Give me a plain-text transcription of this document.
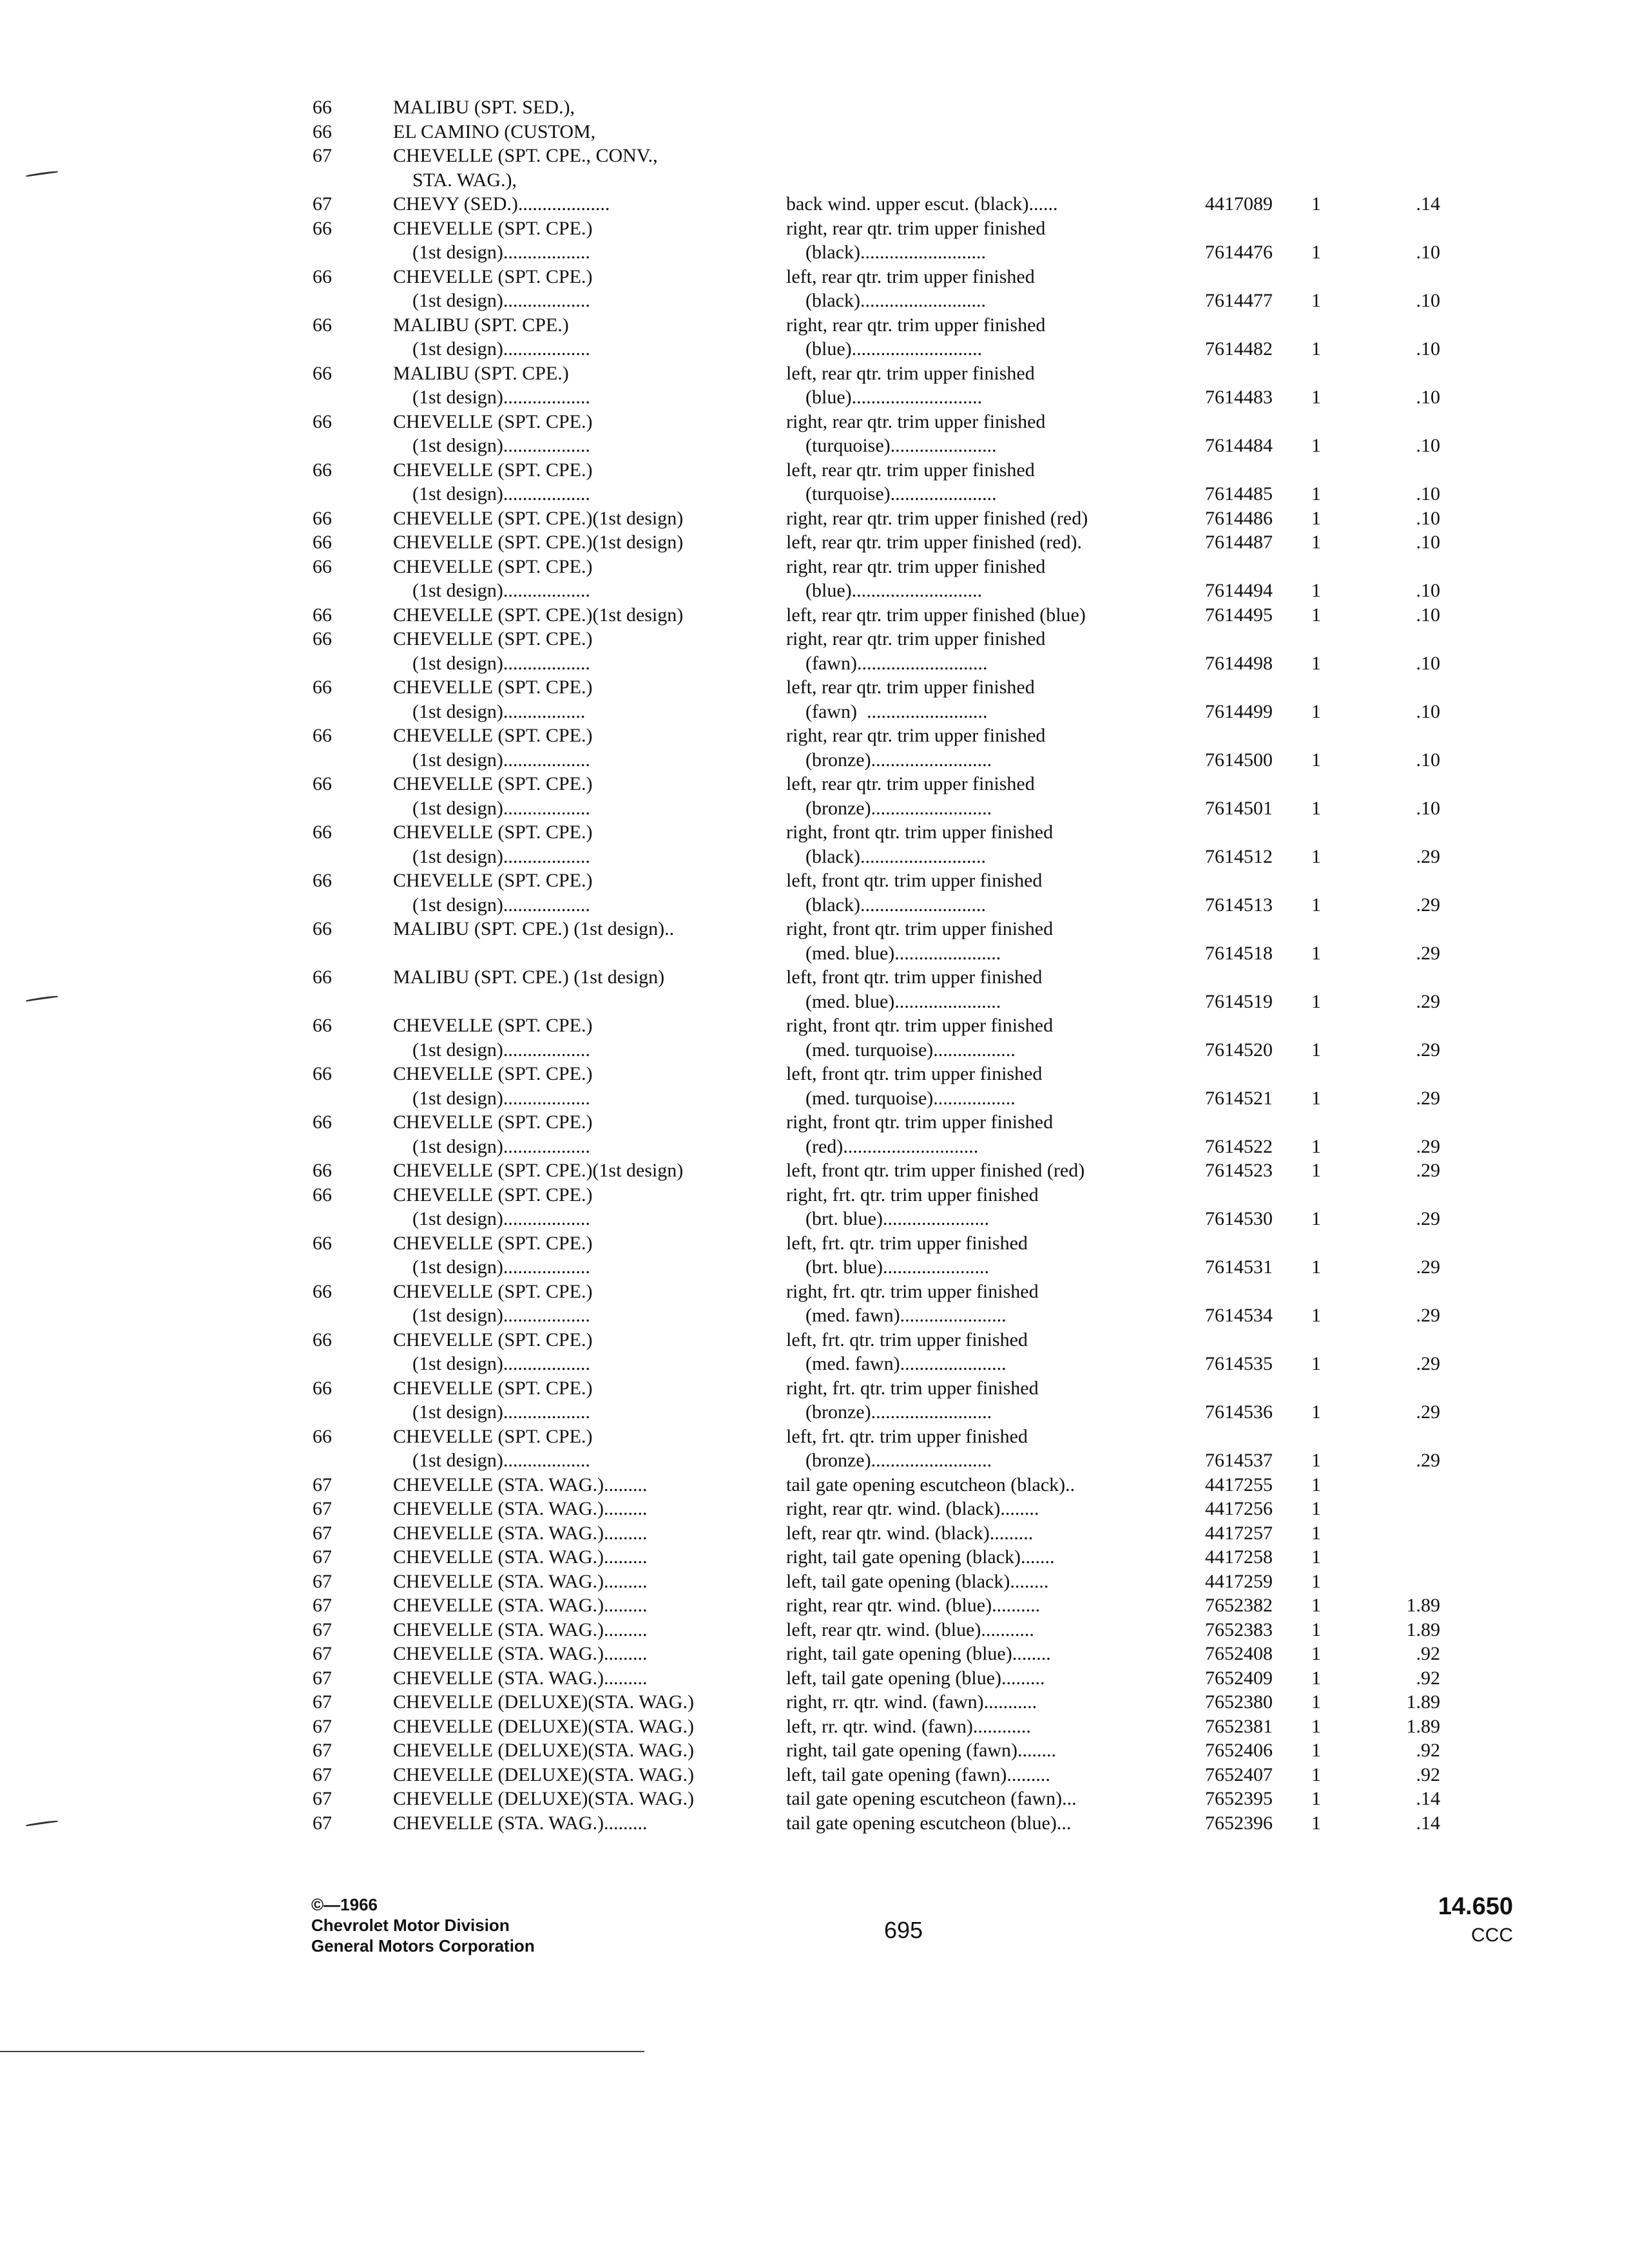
66	MALIBU (SPT. SED.),
66	EL CAMINO (CUSTOM,
67	CHEVELLE (SPT. CPE., CONV.,
STA. WAG.),
67	CHEVY (SED.)...................	back wind. upper escut. (black)......	4417089	1	.14
66	CHEVELLE (SPT. CPE.)	right, rear qtr. trim upper finished
(1st design)..................	(black)..........................	7614476	1	.10
66	CHEVELLE (SPT. CPE.)	left, rear qtr. trim upper finished
(1st design)..................	(black)..........................	7614477	1	.10
66	MALIBU (SPT. CPE.)	right, rear qtr. trim upper finished
(1st design)..................	(blue)...........................	7614482	1	.10
66	MALIBU (SPT. CPE.)	left, rear qtr. trim upper finished
(1st design)..................	(blue)...........................	7614483	1	.10
66	CHEVELLE (SPT. CPE.)	right, rear qtr. trim upper finished
(1st design)..................	(turquoise)......................	7614484	1	.10
66	CHEVELLE (SPT. CPE.)	left, rear qtr. trim upper finished
(1st design)..................	(turquoise)......................	7614485	1	.10
66	CHEVELLE (SPT. CPE.)(1st design)	right, rear qtr. trim upper finished (red)	7614486	1	.10
66	CHEVELLE (SPT. CPE.)(1st design)	left, rear qtr. trim upper finished (red).	7614487	1	.10
66	CHEVELLE (SPT. CPE.)	right, rear qtr. trim upper finished
(1st design)..................	(blue)...........................	7614494	1	.10
66	CHEVELLE (SPT. CPE.)(1st design)	left, rear qtr. trim upper finished (blue)	7614495	1	.10
66	CHEVELLE (SPT. CPE.)	right, rear qtr. trim upper finished
(1st design)..................	(fawn)...........................	7614498	1	.10
66	CHEVELLE (SPT. CPE.)	left, rear qtr. trim upper finished
(1st design).................	(fawn)  .........................	7614499	1	.10
66	CHEVELLE (SPT. CPE.)	right, rear qtr. trim upper finished
(1st design)..................	(bronze).........................	7614500	1	.10
66	CHEVELLE (SPT. CPE.)	left, rear qtr. trim upper finished
(1st design)..................	(bronze).........................	7614501	1	.10
66	CHEVELLE (SPT. CPE.)	right, front qtr. trim upper finished
(1st design)..................	(black)..........................	7614512	1	.29
66	CHEVELLE (SPT. CPE.)	left, front qtr. trim upper finished
(1st design)..................	(black)..........................	7614513	1	.29
66	MALIBU (SPT. CPE.) (1st design)..	right, front qtr. trim upper finished
(med. blue)......................	7614518	1	.29
66	MALIBU (SPT. CPE.) (1st design)	left, front qtr. trim upper finished
(med. blue)......................	7614519	1	.29
66	CHEVELLE (SPT. CPE.)	right, front qtr. trim upper finished
(1st design)..................	(med. turquoise).................	7614520	1	.29
66	CHEVELLE (SPT. CPE.)	left, front qtr. trim upper finished
(1st design)..................	(med. turquoise).................	7614521	1	.29
66	CHEVELLE (SPT. CPE.)	right, front qtr. trim upper finished
(1st design)..................	(red)............................	7614522	1	.29
66	CHEVELLE (SPT. CPE.)(1st design)	left, front qtr. trim upper finished (red)	7614523	1	.29
66	CHEVELLE (SPT. CPE.)	right, frt. qtr. trim upper finished
(1st design)..................	(brt. blue)......................	7614530	1	.29
66	CHEVELLE (SPT. CPE.)	left, frt. qtr. trim upper finished
(1st design)..................	(brt. blue)......................	7614531	1	.29
66	CHEVELLE (SPT. CPE.)	right, frt. qtr. trim upper finished
(1st design)..................	(med. fawn)......................	7614534	1	.29
66	CHEVELLE (SPT. CPE.)	left, frt. qtr. trim upper finished
(1st design)..................	(med. fawn)......................	7614535	1	.29
66	CHEVELLE (SPT. CPE.)	right, frt. qtr. trim upper finished
(1st design)..................	(bronze).........................	7614536	1	.29
66	CHEVELLE (SPT. CPE.)	left, frt. qtr. trim upper finished
(1st design)..................	(bronze).........................	7614537	1	.29
67	CHEVELLE (STA. WAG.).........	tail gate opening escutcheon (black)..	4417255	1
67	CHEVELLE (STA. WAG.).........	right, rear qtr. wind. (black)........	4417256	1
67	CHEVELLE (STA. WAG.).........	left, rear qtr. wind. (black).........	4417257	1
67	CHEVELLE (STA. WAG.).........	right, tail gate opening (black).......	4417258	1
67	CHEVELLE (STA. WAG.).........	left, tail gate opening (black)........	4417259	1
67	CHEVELLE (STA. WAG.).........	right, rear qtr. wind. (blue)..........	7652382	1	1.89
67	CHEVELLE (STA. WAG.).........	left, rear qtr. wind. (blue)...........	7652383	1	1.89
67	CHEVELLE (STA. WAG.).........	right, tail gate opening (blue)........	7652408	1	.92
67	CHEVELLE (STA. WAG.).........	left, tail gate opening (blue).........	7652409	1	.92
67	CHEVELLE (DELUXE)(STA. WAG.)	right, rr. qtr. wind. (fawn)...........	7652380	1	1.89
67	CHEVELLE (DELUXE)(STA. WAG.)	left, rr. qtr. wind. (fawn)............	7652381	1	1.89
67	CHEVELLE (DELUXE)(STA. WAG.)	right, tail gate opening (fawn)........	7652406	1	.92
67	CHEVELLE (DELUXE)(STA. WAG.)	left, tail gate opening (fawn).........	7652407	1	.92
67	CHEVELLE (DELUXE)(STA. WAG.)	tail gate opening escutcheon (fawn)...	7652395	1	.14
67	CHEVELLE (STA. WAG.).........	tail gate opening escutcheon (blue)...	7652396	1	.14
©—1966
Chevrolet Motor Division
General Motors Corporation
695
14.650
CCC
